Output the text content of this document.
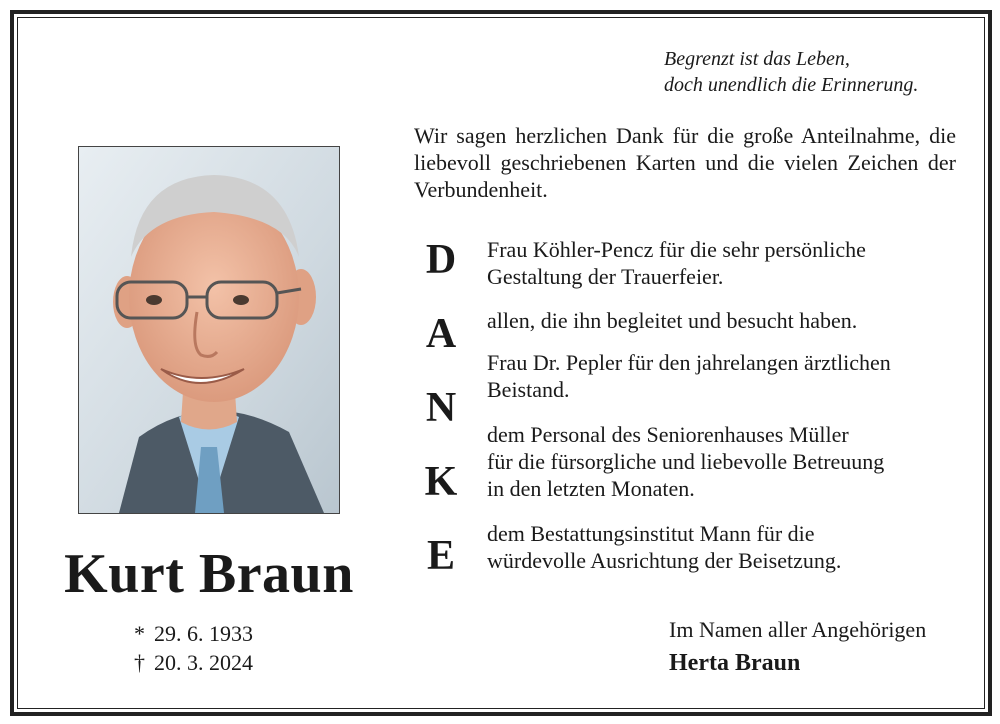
Begrenzt ist das Leben,
doch unendlich die Erinnerung.
Wir sagen herzlichen Dank für die große Anteilnahme, die liebevoll geschriebenen Karten und die vielen Zeichen der Verbundenheit.
Kurt Braun
* 29. 6. 1933
† 20. 3. 2024
D
A
N
K
E
Frau Köhler-Pencz für die sehr persönliche
Gestaltung der Trauerfeier.
allen, die ihn begleitet und besucht haben.
Frau Dr. Pepler für den jahrelangen ärztlichen
Beistand.
dem Personal des Seniorenhauses Müller
für die fürsorgliche und liebevolle Betreuung
in den letzten Monaten.
dem Bestattungsinstitut Mann für die
würdevolle Ausrichtung der Beisetzung.
Im Namen aller Angehörigen
Herta Braun
